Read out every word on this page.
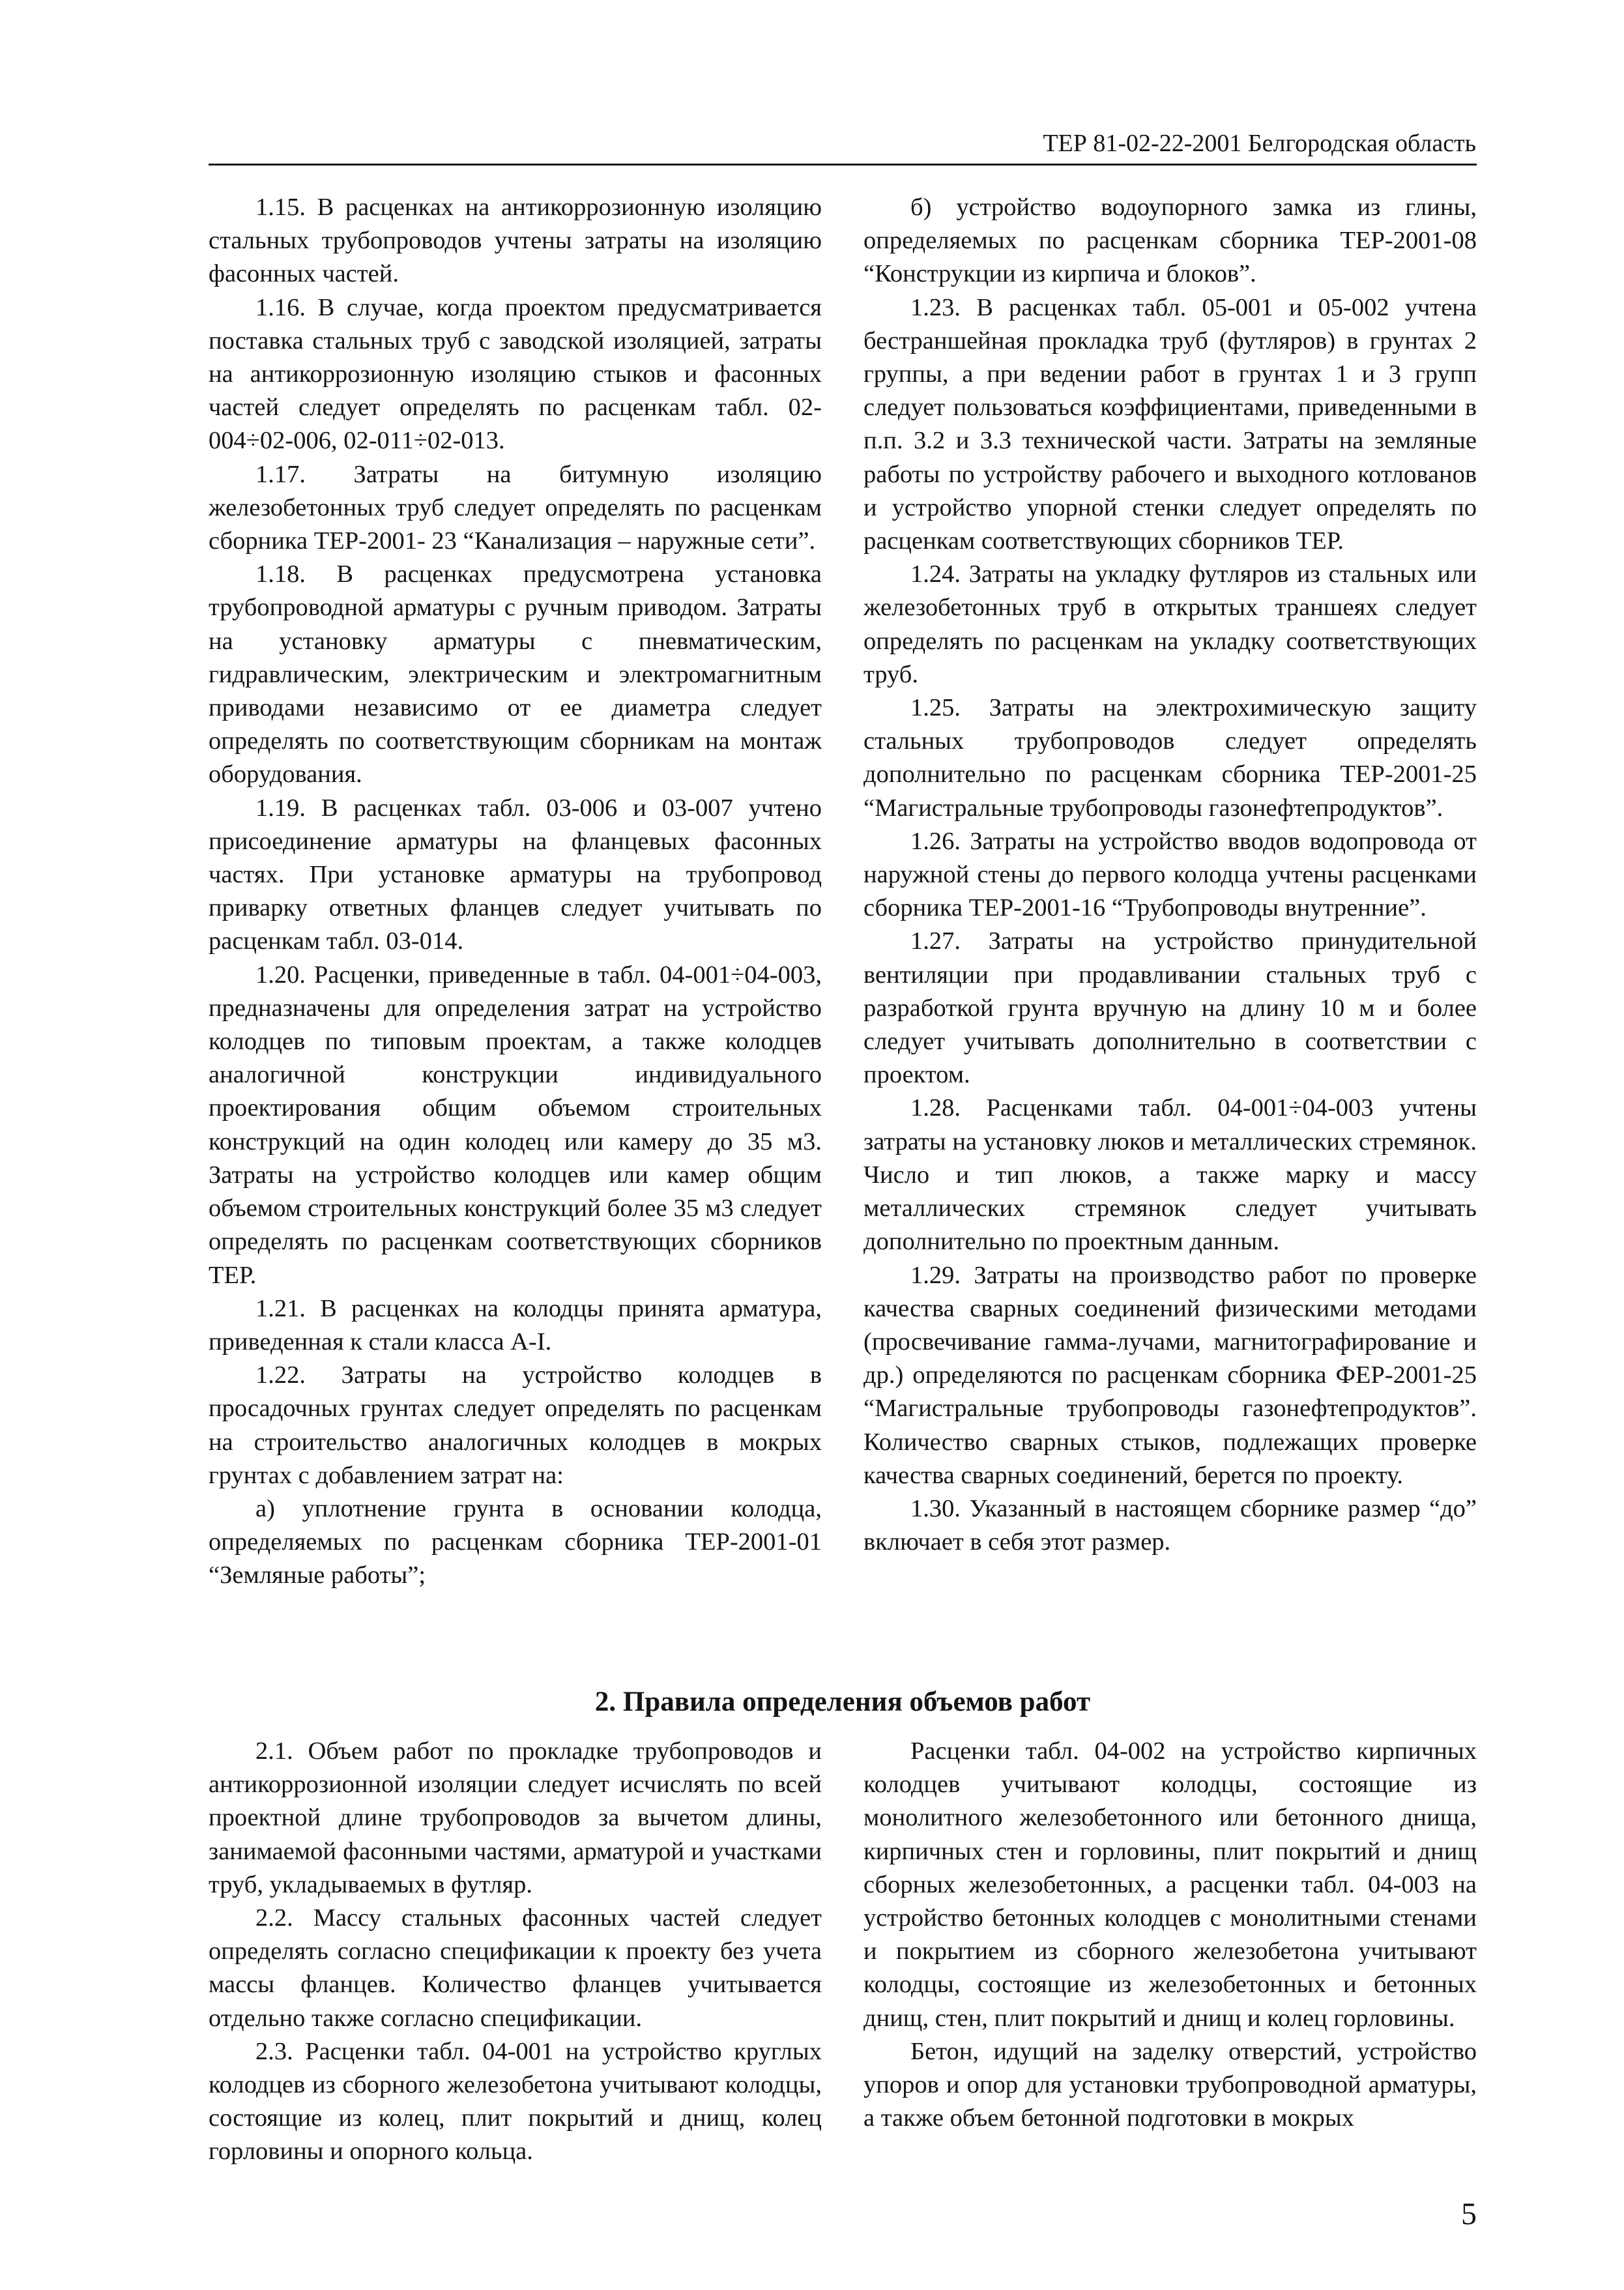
ТЕР 81-02-22-2001 Белгородская область

1.15. В расценках на антикоррозионную изоляцию стальных трубопроводов учтены затраты на изоляцию фасонных частей.

1.16. В случае, когда проектом предусматривается поставка стальных труб с заводской изоляцией, затраты на антикоррозионную изоляцию стыков и фасонных частей следует определять по расценкам табл. 02-004÷02-006, 02-011÷02-013.

1.17. Затраты на битумную изоляцию железобетонных труб следует определять по расценкам сборника ТЕР-2001- 23 “Канализация – наружные сети”.

1.18. В расценках предусмотрена установка трубопроводной арматуры с ручным приводом. Затраты на установку арматуры с пневматическим, гидравлическим, электрическим и электромагнитным приводами независимо от ее диаметра следует определять по соответствующим сборникам на монтаж оборудования.

1.19. В расценках табл. 03-006 и 03-007 учтено присоединение арматуры на фланцевых фасонных частях. При установке арматуры на трубопровод приварку ответных фланцев следует учитывать по расценкам табл. 03-014.

1.20. Расценки, приведенные в табл. 04-001÷04-003, предназначены для определения затрат на устройство колодцев по типовым проектам, а также колодцев аналогичной конструкции индивидуального проектирования общим объемом строительных конструкций на один колодец или камеру до 35 м3. Затраты на устройство колодцев или камер общим объемом строительных конструкций более 35 м3 следует определять по расценкам соответствующих сборников ТЕР.

1.21. В расценках на колодцы принята арматура, приведенная к стали класса А-I.

1.22. Затраты на устройство колодцев в просадочных грунтах следует определять по расценкам на строительство аналогичных колодцев в мокрых грунтах с добавлением затрат на:

а) уплотнение грунта в основании колодца, определяемых по расценкам сборника ТЕР-2001-01 “Земляные работы”;

б) устройство водоупорного замка из глины, определяемых по расценкам сборника ТЕР-2001-08 “Конструкции из кирпича и блоков”.

1.23. В расценках табл. 05-001 и 05-002 учтена бестраншейная прокладка труб (футляров) в грунтах 2 группы, а при ведении работ в грунтах 1 и 3 групп следует пользоваться коэффициентами, приведенными в п.п. 3.2 и 3.3 технической части. Затраты на земляные работы по устройству рабочего и выходного котлованов и устройство упорной стенки следует определять по расценкам соответствующих сборников ТЕР.

1.24. Затраты на укладку футляров из стальных или железобетонных труб в открытых траншеях следует определять по расценкам на укладку соответствующих труб.

1.25. Затраты на электрохимическую защиту стальных трубопроводов следует определять дополнительно по расценкам сборника ТЕР-2001-25 “Магистральные трубопроводы газонефтепродуктов”.

1.26. Затраты на устройство вводов водопровода от наружной стены до первого колодца учтены расценками сборника ТЕР-2001-16 “Трубопроводы внутренние”.

1.27. Затраты на устройство принудительной вентиляции при продавливании стальных труб с разработкой грунта вручную на длину 10 м и более следует учитывать дополнительно в соответствии с проектом.

1.28. Расценками табл. 04-001÷04-003 учтены затраты на установку люков и металлических стремянок. Число и тип люков, а также марку и массу металлических стремянок следует учитывать дополнительно по проектным данным.

1.29. Затраты на производство работ по проверке качества сварных соединений физическими методами (просвечивание гамма-лучами, магнитографирование и др.) определяются по расценкам сборника ФЕР-2001-25 “Магистральные трубопроводы газонефтепродуктов”. Количество сварных стыков, подлежащих проверке качества сварных соединений, берется по проекту.

1.30. Указанный в настоящем сборнике размер “до” включает в себя этот размер.

2. Правила определения объемов работ

2.1. Объем работ по прокладке трубопроводов и антикоррозионной изоляции следует исчислять по всей проектной длине трубопроводов за вычетом длины, занимаемой фасонными частями, арматурой и участками труб, укладываемых в футляр.

2.2. Массу стальных фасонных частей следует определять согласно спецификации к проекту без учета массы фланцев. Количество фланцев учитывается отдельно также согласно спецификации.

2.3. Расценки табл. 04-001 на устройство круглых колодцев из сборного железобетона учитывают колодцы, состоящие из колец, плит покрытий и днищ, колец горловины и опорного кольца.

Расценки табл. 04-002 на устройство кирпичных колодцев учитывают колодцы, состоящие из монолитного железобетонного или бетонного днища, кирпичных стен и горловины, плит покрытий и днищ сборных железобетонных, а расценки табл. 04-003 на устройство бетонных колодцев с монолитными стенами и покрытием из сборного железобетона учитывают колодцы, состоящие из железобетонных и бетонных днищ, стен, плит покрытий и днищ и колец горловины.

Бетон, идущий на заделку отверстий, устройство упоров и опор для установки трубопроводной арматуры, а также объем бетонной подготовки в мокрых

5
